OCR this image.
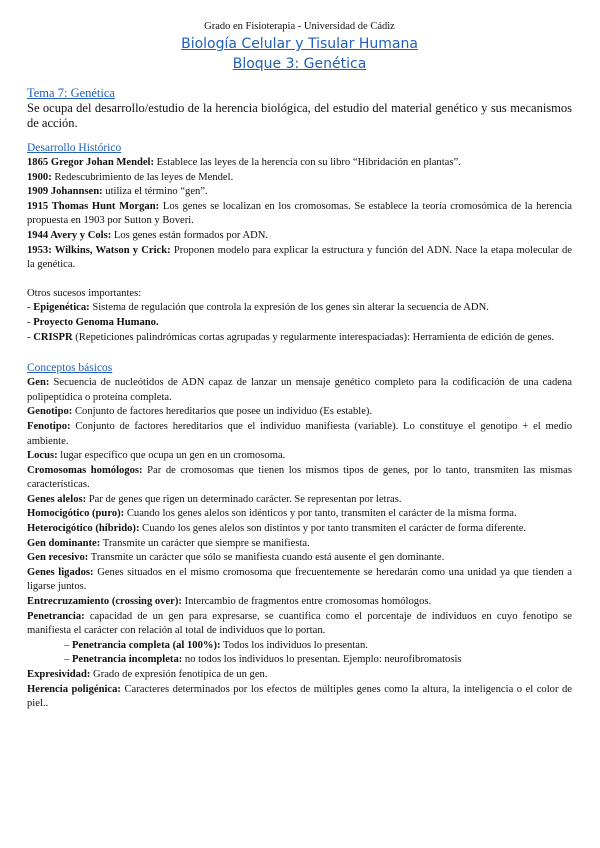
Grado en Fisioterapia - Universidad de Cádiz
Biología Celular y Tisular Humana
Bloque 3: Genética
Tema 7: Genética
Se ocupa del desarrollo/estudio de la herencia biológica, del estudio del material genético y sus mecanismos de acción.
Desarrollo Histórico

1865 Gregor Johan Mendel: Establece las leyes de la herencia con su libro “Hibridación en plantas”.

1900: Redescubrimiento de las leyes de Mendel.

1909 Johannsen: utiliza el término “gen”.

1915 Thomas Hunt Morgan: Los genes se localizan en los cromosomas. Se establece la teoría cromosómica de la herencia propuesta en 1903 por Sutton y Boveri.

1944 Avery y Cols: Los genes están formados por ADN.

1953: Wilkins, Watson y Crick: Proponen modelo para explicar la estructura y función del ADN. Nace la etapa molecular de la genética.

Otros sucesos importantes:

- Epigenética: Sistema de regulación que controla la expresión de los genes sin alterar la secuencia de ADN.

- Proyecto Genoma Humano.

- CRISPR (Repeticiones palindrómicas cortas agrupadas y regularmente interespaciadas): Herramienta de edición de genes.

Conceptos básicos

Gen: Secuencia de nucleótidos de ADN capaz de lanzar un mensaje genético completo para la codificación de una cadena polipeptídica o proteína completa.

Genotipo: Conjunto de factores hereditarios que posee un individuo (Es estable).

Fenotipo: Conjunto de factores hereditarios que el individuo manifiesta (variable). Lo constituye el genotipo + el medio ambiente.

Locus: lugar específico que ocupa un gen en un cromosoma.

Cromosomas homólogos: Par de cromosomas que tienen los mismos tipos de genes, por lo tanto, transmiten las mismas características.

Genes alelos: Par de genes que rigen un determinado carácter. Se representan por letras.

Homocigótico (puro): Cuando los genes alelos son idénticos y por tanto, transmiten el carácter de la misma forma.

Heterocigótico (híbrido): Cuando los genes alelos son distintos y por tanto transmiten el carácter de forma diferente.

Gen dominante: Transmite un carácter que siempre se manifiesta.

Gen recesivo: Transmite un carácter que sólo se manifiesta cuando está ausente el gen dominante.

Genes ligados: Genes situados en el mismo cromosoma que frecuentemente se heredarán como una unidad ya que tienden a ligarse juntos.

Entrecruzamiento (crossing over): Intercambio de fragmentos entre cromosomas homólogos.

Penetrancia: capacidad de un gen para expresarse, se cuantifica como el porcentaje de individuos en cuyo fenotipo se manifiesta el carácter con relación al total de individuos que lo portan.

– Penetrancia completa (al 100%): Todos los individuos lo presentan.

– Penetrancia incompleta: no todos los individuos lo presentan. Ejemplo: neurofibromatosis

Expresividad: Grado de expresión fenotípica de un gen.

Herencia poligénica: Caracteres determinados por los efectos de múltiples genes como la altura, la inteligencia o el color de piel..
